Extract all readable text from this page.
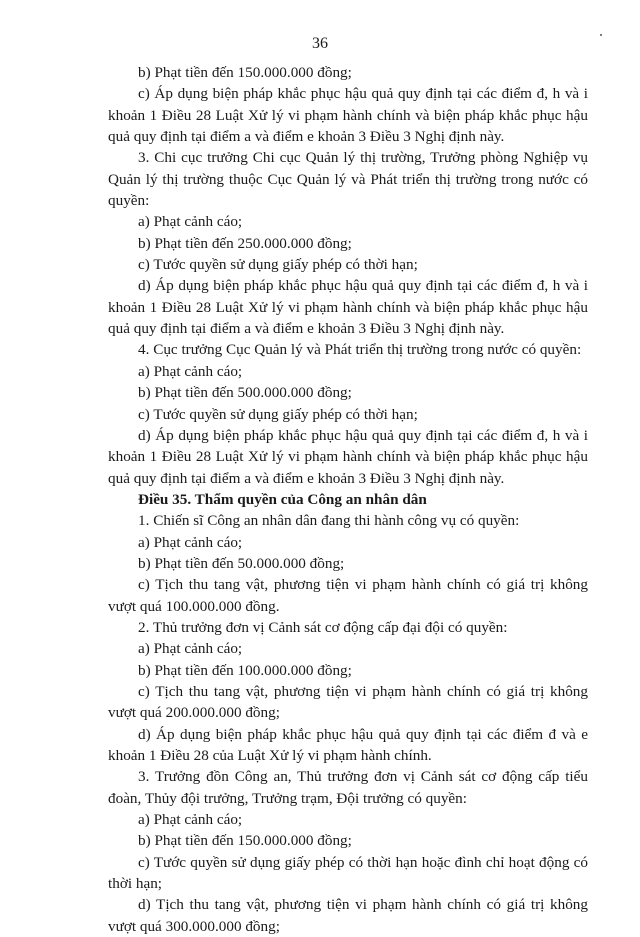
36

b) Phạt tiền đến 150.000.000 đồng;

c) Áp dụng biện pháp khắc phục hậu quả quy định tại các điểm đ, h và i khoản 1 Điều 28 Luật Xử lý vi phạm hành chính và biện pháp khắc phục hậu quả quy định tại điểm a và điểm e khoản 3 Điều 3 Nghị định này.

3. Chi cục trưởng Chi cục Quản lý thị trường, Trưởng phòng Nghiệp vụ Quản lý thị trường thuộc Cục Quản lý và Phát triển thị trường trong nước có quyền:

a) Phạt cảnh cáo;

b) Phạt tiền đến 250.000.000 đồng;

c) Tước quyền sử dụng giấy phép có thời hạn;

d) Áp dụng biện pháp khắc phục hậu quả quy định tại các điểm đ, h và i khoản 1 Điều 28 Luật Xử lý vi phạm hành chính và biện pháp khắc phục hậu quả quy định tại điểm a và điểm e khoản 3 Điều 3 Nghị định này.

4. Cục trưởng Cục Quản lý và Phát triển thị trường trong nước có quyền:

a) Phạt cảnh cáo;

b) Phạt tiền đến 500.000.000 đồng;

c) Tước quyền sử dụng giấy phép có thời hạn;

d) Áp dụng biện pháp khắc phục hậu quả quy định tại các điểm đ, h và i khoản 1 Điều 28 Luật Xử lý vi phạm hành chính và biện pháp khắc phục hậu quả quy định tại điểm a và điểm e khoản 3 Điều 3 Nghị định này.

Điều 35. Thẩm quyền của Công an nhân dân

1. Chiến sĩ Công an nhân dân đang thi hành công vụ có quyền:

a) Phạt cảnh cáo;

b) Phạt tiền đến 50.000.000 đồng;

c) Tịch thu tang vật, phương tiện vi phạm hành chính có giá trị không vượt quá 100.000.000 đồng.

2. Thủ trưởng đơn vị Cảnh sát cơ động cấp đại đội có quyền:

a) Phạt cảnh cáo;

b) Phạt tiền đến 100.000.000 đồng;

c) Tịch thu tang vật, phương tiện vi phạm hành chính có giá trị không vượt quá 200.000.000 đồng;

d) Áp dụng biện pháp khắc phục hậu quả quy định tại các điểm đ và e khoản 1 Điều 28 của Luật Xử lý vi phạm hành chính.

3. Trưởng đồn Công an, Thủ trưởng đơn vị Cảnh sát cơ động cấp tiểu đoàn, Thủy đội trưởng, Trưởng trạm, Đội trưởng có quyền:

a) Phạt cảnh cáo;

b) Phạt tiền đến 150.000.000 đồng;

c) Tước quyền sử dụng giấy phép có thời hạn hoặc đình chỉ hoạt động có thời hạn;

d) Tịch thu tang vật, phương tiện vi phạm hành chính có giá trị không vượt quá 300.000.000 đồng;
